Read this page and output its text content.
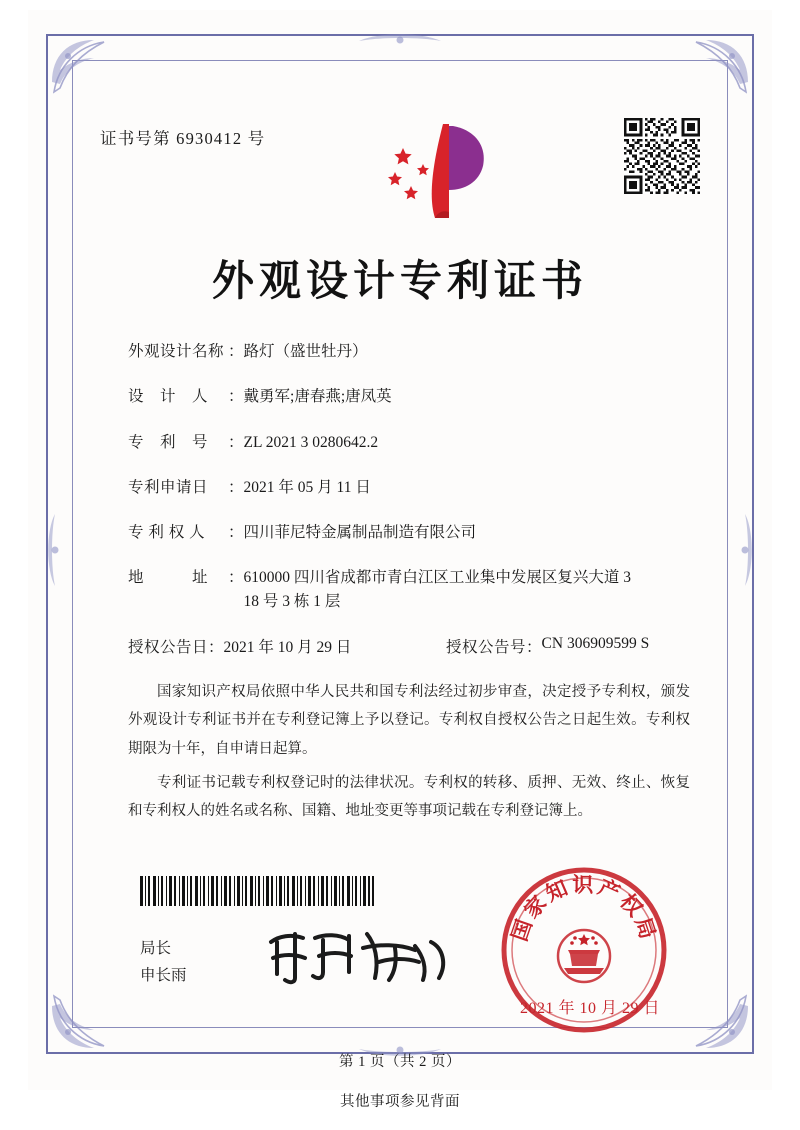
证书号第 6930412 号
外观设计专利证书
外观设计名称 ： 路灯（盛世牡丹）
设　计　人	： 戴勇军;唐春燕;唐凤英
专　利　号	： ZL 2021 3 0280642.2
专利申请日	： 2021 年 05 月 11 日
专 利 权 人	： 四川菲尼特金属制品制造有限公司
地　　　址	： 610000 四川省成都市青白江区工业集中发展区复兴大道 3
18 号 3 栋 1 层
授权公告日 ： 2021 年 10 月 29 日	授权公告号 ： CN 306909599 S

国家知识产权局依照中华人民共和国专利法经过初步审查，决定授予专利权，颁发外观设计专利证书并在专利登记簿上予以登记。专利权自授权公告之日起生效。专利权期限为十年，自申请日起算。

专利证书记载专利权登记时的法律状况。专利权的转移、质押、无效、终止、恢复和专利权人的姓名或名称、国籍、地址变更等事项记载在专利登记簿上。

局长
申长雨
国家知识产权局
2021 年 10 月 29 日
第 1 页（共 2 页）
其他事项参见背面
